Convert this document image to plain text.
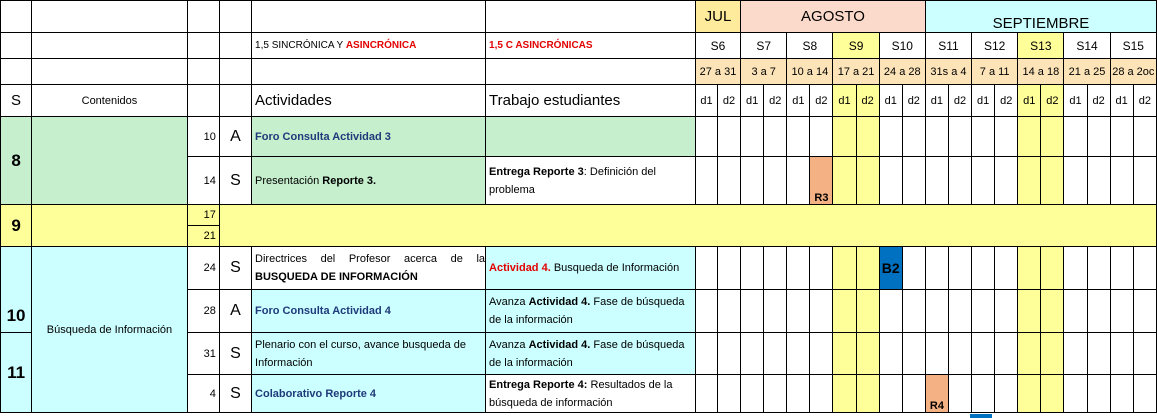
						JUL		AGOSTO								SEPTIEMBRE									
				1,5 SINCRÓNICA Y ASINCRÓNICA	1,5 C ASINCRÓNICAS	S6		S7		S8		S9		S10		S11		S12		S13		S14		S15	
						27 a 31		3 a 7		10 a 14		17 a 21		24 a 28		31s a 4		7 a 11		14 a 18		21 a 25		28 a 2oc	
S	Contenidos			Actividades	Trabajo estudiantes	d1	d2	d1	d2	d1	d2	d1	d2	d1	d2	d1	d2	d1	d2	d1	d2	d1	d2	d1	d2
8		10	A	Foro Consulta Actividad 3																					
		14	S	Presentación Reporte 3.	Entrega Reporte 3: Definición del problema						R3														
9		17																							
		21																							
10	Búsqueda de Información	24	S	Directrices del Profesor acerca de la BUSQUEDA DE INFORMACIÓN	Actividad 4. Busqueda de Información									B2											
		28	A	Foro Consulta Actividad 4	Avanza Actividad 4. Fase de búsqueda de la información																				
11		31	S	Plenario con el curso, avance busqueda de Información	Avanza Actividad 4. Fase de búsqueda de la información																				
		4	S	Colaborativo Reporte 4	Entrega Reporte 4: Resultados de la búsqueda de información											R4									
